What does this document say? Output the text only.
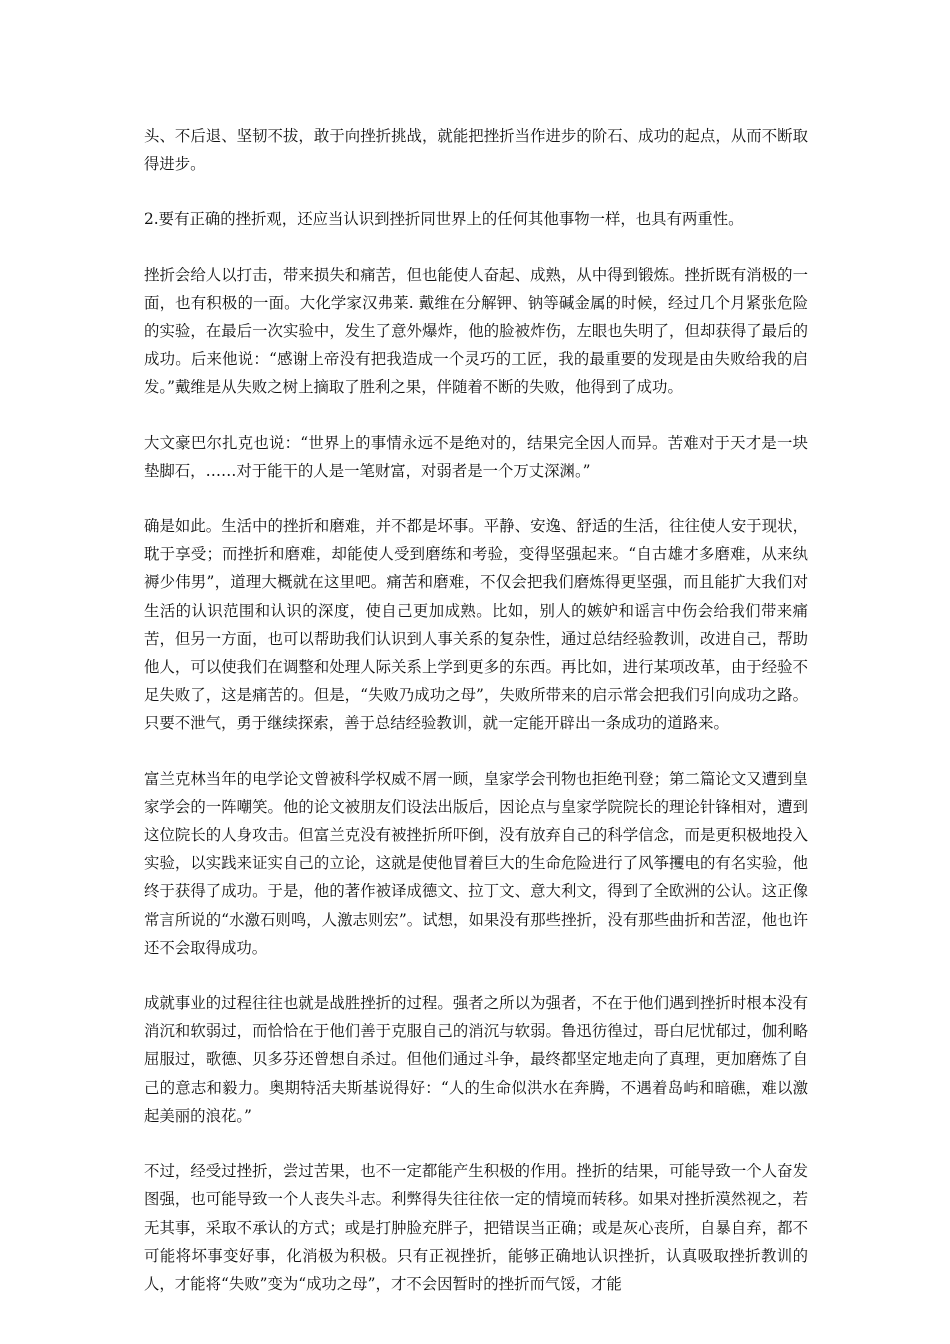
头、不后退、坚韧不拔，敢于向挫折挑战，就能把挫折当作进步的阶石、成功的起点，从而不断取得进步。

2.要有正确的挫折观，还应当认识到挫折同世界上的任何其他事物一样，也具有两重性。

挫折会给人以打击，带来损失和痛苦，但也能使人奋起、成熟，从中得到锻炼。挫折既有消极的一面，也有积极的一面。大化学家汉弗莱. 戴维在分解钾、钠等碱金属的时候，经过几个月紧张危险的实验，在最后一次实验中，发生了意外爆炸，他的脸被炸伤，左眼也失明了，但却获得了最后的成功。后来他说：“感谢上帝没有把我造成一个灵巧的工匠，我的最重要的发现是由失败给我的启发。”戴维是从失败之树上摘取了胜利之果，伴随着不断的失败，他得到了成功。

大文豪巴尔扎克也说：“世界上的事情永远不是绝对的，结果完全因人而异。苦难对于天才是一块垫脚石，……对于能干的人是一笔财富，对弱者是一个万丈深渊。”

确是如此。生活中的挫折和磨难，并不都是坏事。平静、安逸、舒适的生活，往往使人安于现状，耽于享受；而挫折和磨难，却能使人受到磨练和考验，变得坚强起来。“自古雄才多磨难，从来纨褥少伟男”，道理大概就在这里吧。痛苦和磨难，不仅会把我们磨炼得更坚强，而且能扩大我们对生活的认识范围和认识的深度，使自己更加成熟。比如，别人的嫉妒和谣言中伤会给我们带来痛苦，但另一方面，也可以帮助我们认识到人事关系的复杂性，通过总结经验教训，改进自己，帮助他人，可以使我们在调整和处理人际关系上学到更多的东西。再比如，进行某项改革，由于经验不足失败了，这是痛苦的。但是，“失败乃成功之母”，失败所带来的启示常会把我们引向成功之路。只要不泄气，勇于继续探索，善于总结经验教训，就一定能开辟出一条成功的道路来。

富兰克林当年的电学论文曾被科学权威不屑一顾，皇家学会刊物也拒绝刊登；第二篇论文又遭到皇家学会的一阵嘲笑。他的论文被朋友们设法出版后，因论点与皇家学院院长的理论针锋相对，遭到这位院长的人身攻击。但富兰克没有被挫折所吓倒，没有放弃自己的科学信念，而是更积极地投入实验，以实践来证实自己的立论，这就是使他冒着巨大的生命危险进行了风筝攫电的有名实验，他终于获得了成功。于是，他的著作被译成德文、拉丁文、意大利文，得到了全欧洲的公认。这正像常言所说的“水激石则鸣，人激志则宏”。试想，如果没有那些挫折，没有那些曲折和苦涩，他也许还不会取得成功。

成就事业的过程往往也就是战胜挫折的过程。强者之所以为强者，不在于他们遇到挫折时根本没有消沉和软弱过，而恰恰在于他们善于克服自己的消沉与软弱。鲁迅彷徨过，哥白尼忧郁过，伽利略屈服过，歌德、贝多芬还曾想自杀过。但他们通过斗争，最终都坚定地走向了真理，更加磨炼了自己的意志和毅力。奥期特活夫斯基说得好：“人的生命似洪水在奔腾，不遇着岛屿和暗礁，难以激起美丽的浪花。”

不过，经受过挫折，尝过苦果，也不一定都能产生积极的作用。挫折的结果，可能导致一个人奋发图强，也可能导致一个人丧失斗志。利弊得失往往依一定的情境而转移。如果对挫折漠然视之，若无其事，采取不承认的方式；或是打肿脸充胖子，把错误当正确；或是灰心丧所，自暴自弃，都不可能将坏事变好事，化消极为积极。只有正视挫折，能够正确地认识挫折，认真吸取挫折教训的人，才能将“失败”变为“成功之母”，才不会因暂时的挫折而气馁，才能
